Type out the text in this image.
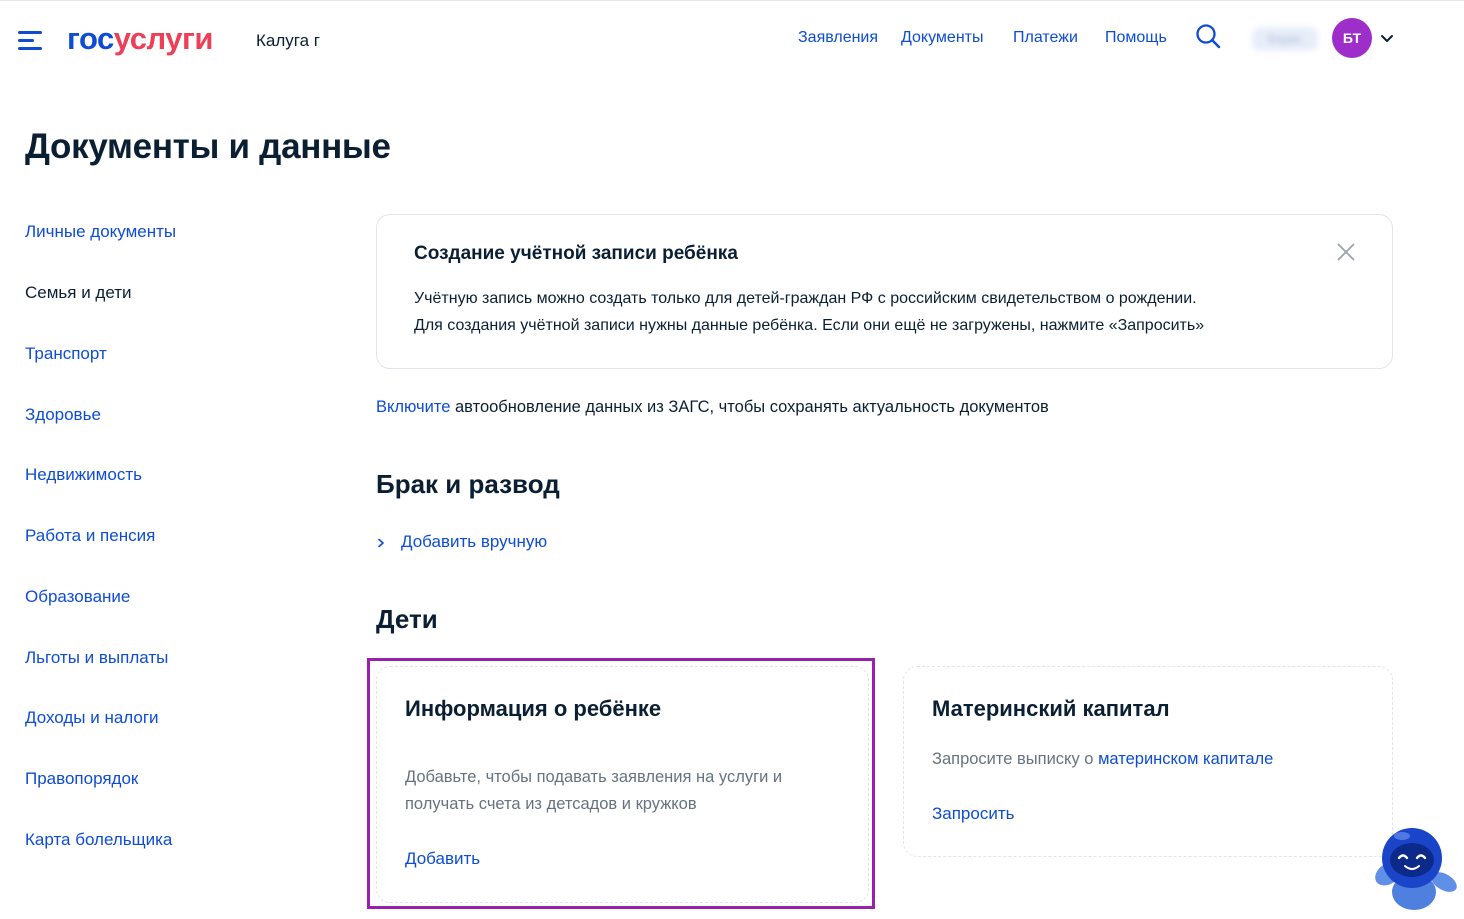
госуслуги	Калуга г	Заявления Документы Платежи Помощь	Борис	БТ
Документы и данные
Личные документы
Семья и дети
Транспорт
Здоровье
Недвижимость
Работа и пенсия
Образование
Льготы и выплаты
Доходы и налоги
Правопорядок
Карта болельщика
Создание учётной записи ребёнка
Учётную запись можно создать только для детей-граждан РФ с российским свидетельством о рождении.
Для создания учётной записи нужны данные ребёнка. Если они ещё не загружены, нажмите «Запросить»
Включите автообновление данных из ЗАГС, чтобы сохранять актуальность документов
Брак и развод
Добавить вручную
Дети
Информация о ребёнке
Добавьте, чтобы подавать заявления на услуги и
получать счета из детсадов и кружков
Добавить
Материнский капитал
Запросите выписку о материнском капитале
Запросить
